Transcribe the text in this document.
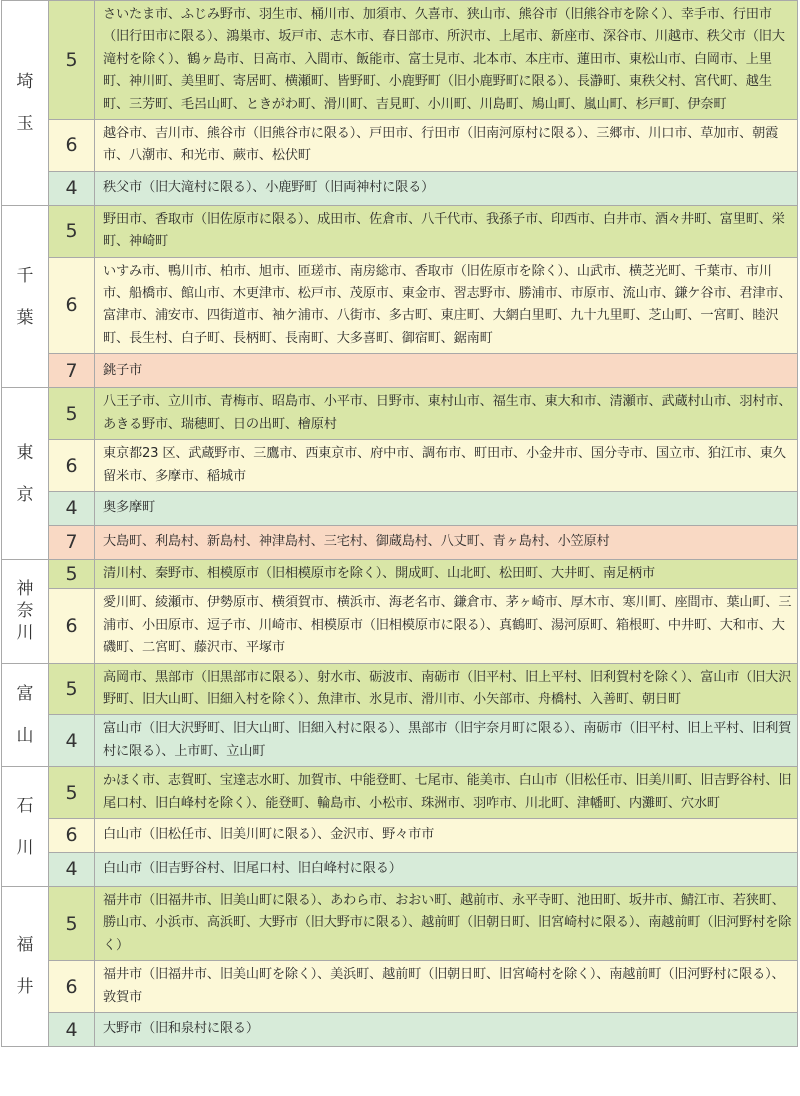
埼
玉	5	さいたま市、ふじみ野市、羽生市、桶川市、加須市、久喜市、狭山市、熊谷市（旧熊谷市を除く）、幸手市、行田市（旧行田市に限る）、鴻巣市、坂戸市、志木市、春日部市、所沢市、上尾市、新座市、深谷市、川越市、秩父市（旧大滝村を除く）、鶴ヶ島市、日高市、入間市、飯能市、富士見市、北本市、本庄市、蓮田市、東松山市、白岡市、上里町、神川町、美里町、寄居町、横瀬町、皆野町、小鹿野町（旧小鹿野町に限る）、長瀞町、東秩父村、宮代町、越生町、三芳町、毛呂山町、ときがわ町、滑川町、吉見町、小川町、川島町、鳩山町、嵐山町、杉戸町、伊奈町
	6	越谷市、吉川市、熊谷市（旧熊谷市に限る）、戸田市、行田市（旧南河原村に限る）、三郷市、川口市、草加市、朝霞市、八潮市、和光市、蕨市、松伏町
	4	秩父市（旧大滝村に限る）、小鹿野町（旧両神村に限る）

千
葉	5	野田市、香取市（旧佐原市に限る）、成田市、佐倉市、八千代市、我孫子市、印西市、白井市、酒々井町、富里町、栄町、神崎町
	6	いすみ市、鴨川市、柏市、旭市、匝瑳市、南房総市、香取市（旧佐原市を除く）、山武市、横芝光町、千葉市、市川市、船橋市、館山市、木更津市、松戸市、茂原市、東金市、習志野市、勝浦市、市原市、流山市、鎌ケ谷市、君津市、富津市、浦安市、四街道市、袖ケ浦市、八街市、多古町、東庄町、大網白里町、九十九里町、芝山町、一宮町、睦沢町、長生村、白子町、長柄町、長南町、大多喜町、御宿町、鋸南町
	7	銚子市

東
京	5	八王子市、立川市、青梅市、昭島市、小平市、日野市、東村山市、福生市、東大和市、清瀬市、武蔵村山市、羽村市、あきる野市、瑞穂町、日の出町、檜原村
	6	東京都23 区、武蔵野市、三鷹市、西東京市、府中市、調布市、町田市、小金井市、国分寺市、国立市、狛江市、東久留米市、多摩市、稲城市
	4	奥多摩町
	7	大島町、利島村、新島村、神津島村、三宅村、御蔵島村、八丈町、青ヶ島村、小笠原村

神
奈
川	5	清川村、秦野市、相模原市（旧相模原市を除く）、開成町、山北町、松田町、大井町、南足柄市
	6	愛川町、綾瀬市、伊勢原市、横須賀市、横浜市、海老名市、鎌倉市、茅ヶ崎市、厚木市、寒川町、座間市、葉山町、三浦市、小田原市、逗子市、川崎市、相模原市（旧相模原市に限る）、真鶴町、湯河原町、箱根町、中井町、大和市、大磯町、二宮町、藤沢市、平塚市

富
山	5	高岡市、黒部市（旧黒部市に限る）、射水市、砺波市、南砺市（旧平村、旧上平村、旧利賀村を除く）、富山市（旧大沢野町、旧大山町、旧細入村を除く）、魚津市、氷見市、滑川市、小矢部市、舟橋村、入善町、朝日町
	4	富山市（旧大沢野町、旧大山町、旧細入村に限る）、黒部市（旧宇奈月町に限る）、南砺市（旧平村、旧上平村、旧利賀村に限る）、上市町、立山町

石
川	5	かほく市、志賀町、宝達志水町、加賀市、中能登町、七尾市、能美市、白山市（旧松任市、旧美川町、旧吉野谷村、旧尾口村、旧白峰村を除く）、能登町、輪島市、小松市、珠洲市、羽咋市、川北町、津幡町、内灘町、穴水町
	6	白山市（旧松任市、旧美川町に限る）、金沢市、野々市市
	4	白山市（旧吉野谷村、旧尾口村、旧白峰村に限る）

福
井	5	福井市（旧福井市、旧美山町に限る）、あわら市、おおい町、越前市、永平寺町、池田町、坂井市、鯖江市、若狭町、勝山市、小浜市、高浜町、大野市（旧大野市に限る）、越前町（旧朝日町、旧宮崎村に限る）、南越前町（旧河野村を除く）
	6	福井市（旧福井市、旧美山町を除く）、美浜町、越前町（旧朝日町、旧宮崎村を除く）、南越前町（旧河野村に限る）、敦賀市
	4	大野市（旧和泉村に限る）
